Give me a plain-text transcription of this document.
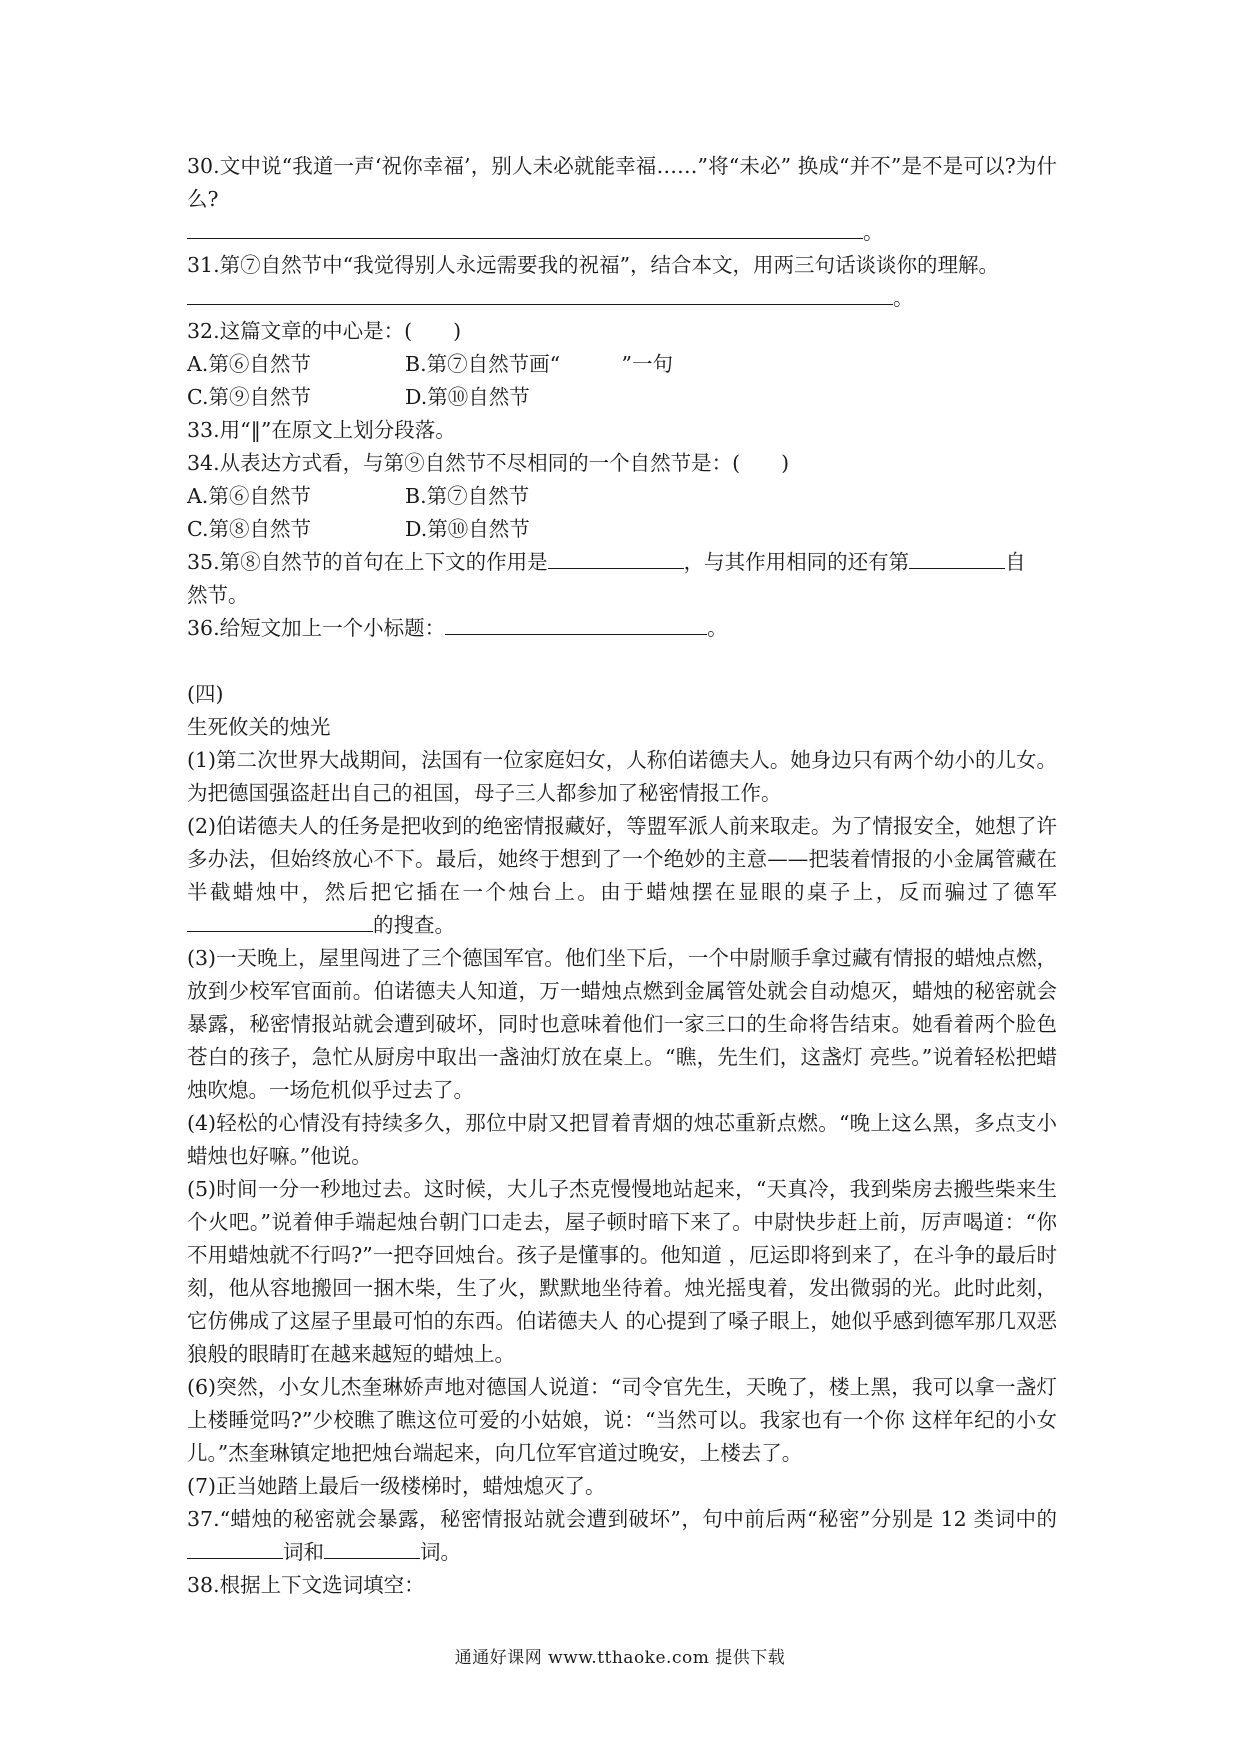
30.文中说“我道一声‘祝你幸福’，别人未必就能幸福……”将“未必” 换成“并不”是不是可以?为什么?
。
31.第⑦自然节中“我觉得别人永远需要我的祝福”，结合本文，用两三句话谈谈你的理解。
。
32.这篇文章的中心是：(　　)
A.第⑥自然节	B.第⑦自然节画“　　　”一句
C.第⑨自然节	D.第⑩自然节
33.用“‖”在原文上划分段落。
34.从表达方式看，与第⑨自然节不尽相同的一个自然节是：(　　)
A.第⑥自然节	B.第⑦自然节
C.第⑧自然节	D.第⑩自然节
35.第⑧自然节的首句在上下文的作用是	，与其作用相同的还有第	自
然节。
36.给短文加上一个小标题：	。
(四)
生死攸关的烛光
(1)第二次世界大战期间，法国有一位家庭妇女，人称伯诺德夫人。她身边只有两个幼小的儿女。为把德国强盗赶出自己的祖国，母子三人都参加了秘密情报工作。
(2)伯诺德夫人的任务是把收到的绝密情报藏好，等盟军派人前来取走。为了情报安全，她想了许多办法，但始终放心不下。最后，她终于想到了一个绝妙的主意——把装着情报的小金属管藏在半截蜡烛中，然后把它插在一个烛台上。由于蜡烛摆在显眼的桌子上，反而骗过了德军的搜查。
(3)一天晚上，屋里闯进了三个德国军官。他们坐下后，一个中尉顺手拿过藏有情报的蜡烛点燃，放到少校军官面前。伯诺德夫人知道，万一蜡烛点燃到金属管处就会自动熄灭，蜡烛的秘密就会暴露，秘密情报站就会遭到破坏，同时也意味着他们一家三口的生命将告结束。她看着两个脸色苍白的孩子，急忙从厨房中取出一盏油灯放在桌上。“瞧，先生们，这盏灯 亮些。”说着轻松把蜡烛吹熄。一场危机似乎过去了。
(4)轻松的心情没有持续多久，那位中尉又把冒着青烟的烛芯重新点燃。“晚上这么黑，多点支小蜡烛也好嘛。”他说。
(5)时间一分一秒地过去。这时候，大儿子杰克慢慢地站起来，“天真冷，我到柴房去搬些柴来生个火吧。”说着伸手端起烛台朝门口走去，屋子顿时暗下来了。中尉快步赶上前，厉声喝道：“你不用蜡烛就不行吗?”一把夺回烛台。孩子是懂事的。他知道 ，厄运即将到来了，在斗争的最后时刻，他从容地搬回一捆木柴，生了火，默默地坐待着。烛光摇曳着，发出微弱的光。此时此刻，它仿佛成了这屋子里最可怕的东西。伯诺德夫人 的心提到了嗓子眼上，她似乎感到德军那几双恶狼般的眼睛盯在越来越短的蜡烛上。
(6)突然，小女儿杰奎琳娇声地对德国人说道：“司令官先生，天晚了，楼上黑，我可以拿一盏灯上楼睡觉吗?”少校瞧了瞧这位可爱的小姑娘，说：“当然可以。我家也有一个你 这样年纪的小女儿。”杰奎琳镇定地把烛台端起来，向几位军官道过晚安，上楼去了。
(7)正当她踏上最后一级楼梯时，蜡烛熄灭了。
37.“蜡烛的秘密就会暴露，秘密情报站就会遭到破坏”，句中前后两“秘密”分别是 12 类词中的词和	词。
38.根据上下文选词填空：
通通好课网 www.tthaoke.com 提供下载
